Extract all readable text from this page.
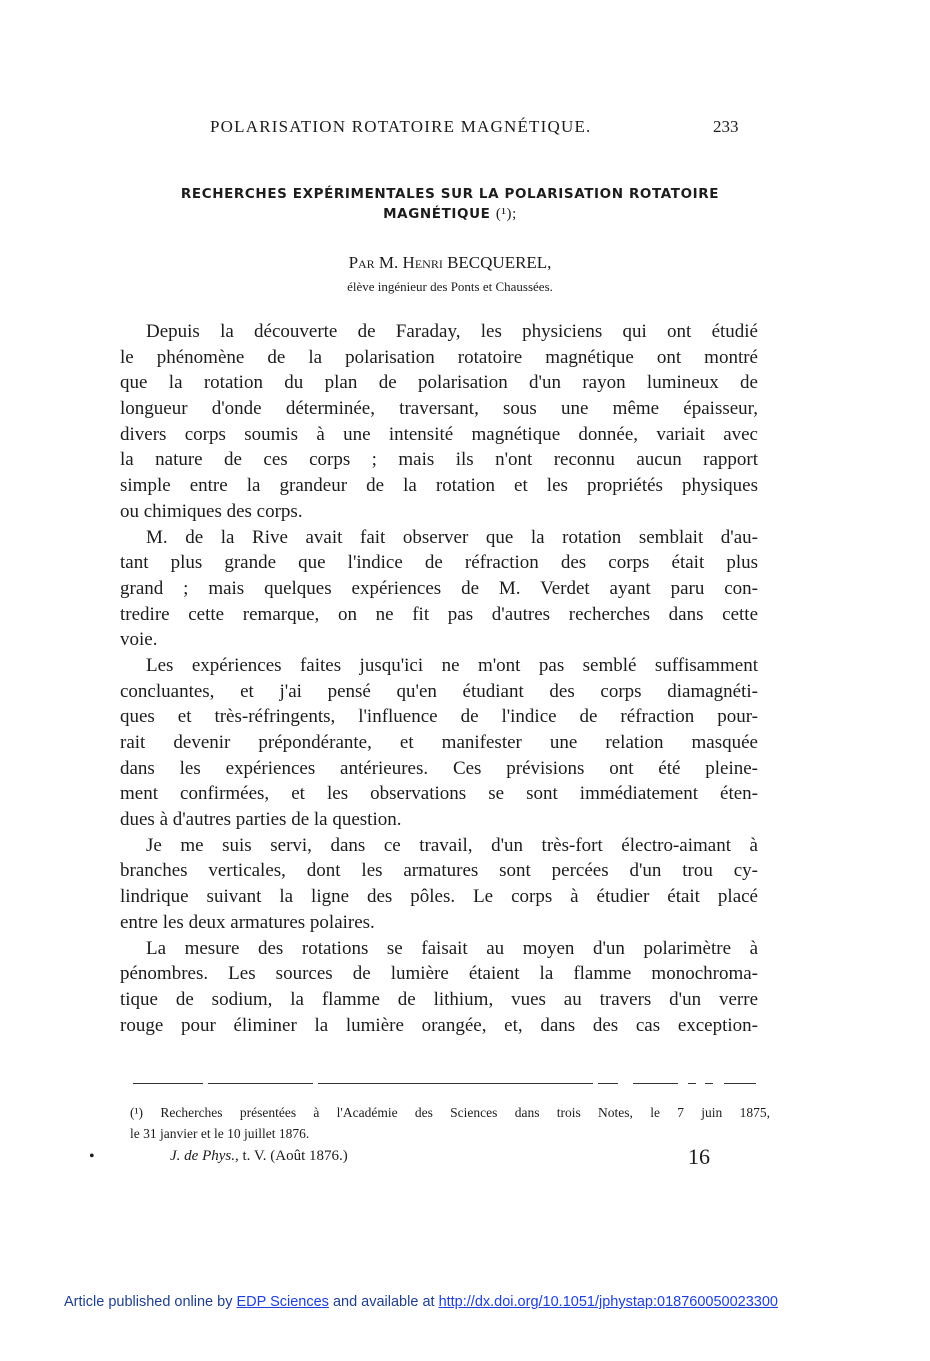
POLARISATION ROTATOIRE MAGNÉTIQUE.	233
RECHERCHES EXPÉRIMENTALES SUR LA POLARISATION ROTATOIRE
MAGNÉTIQUE (¹);
Par M. Henri BECQUEREL,
élève ingénieur des Ponts et Chaussées.
Depuis la découverte de Faraday, les physiciens qui ont étudié
le phénomène de la polarisation rotatoire magnétique ont montré
que la rotation du plan de polarisation d'un rayon lumineux de
longueur d'onde déterminée, traversant, sous une même épaisseur,
divers corps soumis à une intensité magnétique donnée, variait avec
la nature de ces corps ; mais ils n'ont reconnu aucun rapport
simple entre la grandeur de la rotation et les propriétés physiques
ou chimiques des corps.
M. de la Rive avait fait observer que la rotation semblait d'au-
tant plus grande que l'indice de réfraction des corps était plus
grand ; mais quelques expériences de M. Verdet ayant paru con-
tredire cette remarque, on ne fit pas d'autres recherches dans cette
voie.
Les expériences faites jusqu'ici ne m'ont pas semblé suffisamment
concluantes, et j'ai pensé qu'en étudiant des corps diamagnéti-
ques et très-réfringents, l'influence de l'indice de réfraction pour-
rait devenir prépondérante, et manifester une relation masquée
dans les expériences antérieures. Ces prévisions ont été pleine-
ment confirmées, et les observations se sont immédiatement éten-
dues à d'autres parties de la question.
Je me suis servi, dans ce travail, d'un très-fort électro-aimant à
branches verticales, dont les armatures sont percées d'un trou cy-
lindrique suivant la ligne des pôles. Le corps à étudier était placé
entre les deux armatures polaires.
La mesure des rotations se faisait au moyen d'un polarimètre à
pénombres. Les sources de lumière étaient la flamme monochroma-
tique de sodium, la flamme de lithium, vues au travers d'un verre
rouge pour éliminer la lumière orangée, et, dans des cas exception-
(¹) Recherches présentées à l'Académie des Sciences dans trois Notes, le 7 juin 1875,
le 31 janvier et le 10 juillet 1876.
•	J. de Phys., t. V. (Août 1876.)	16
Article published online by EDP Sciences and available at http://dx.doi.org/10.1051/jphystap:018760050023300
